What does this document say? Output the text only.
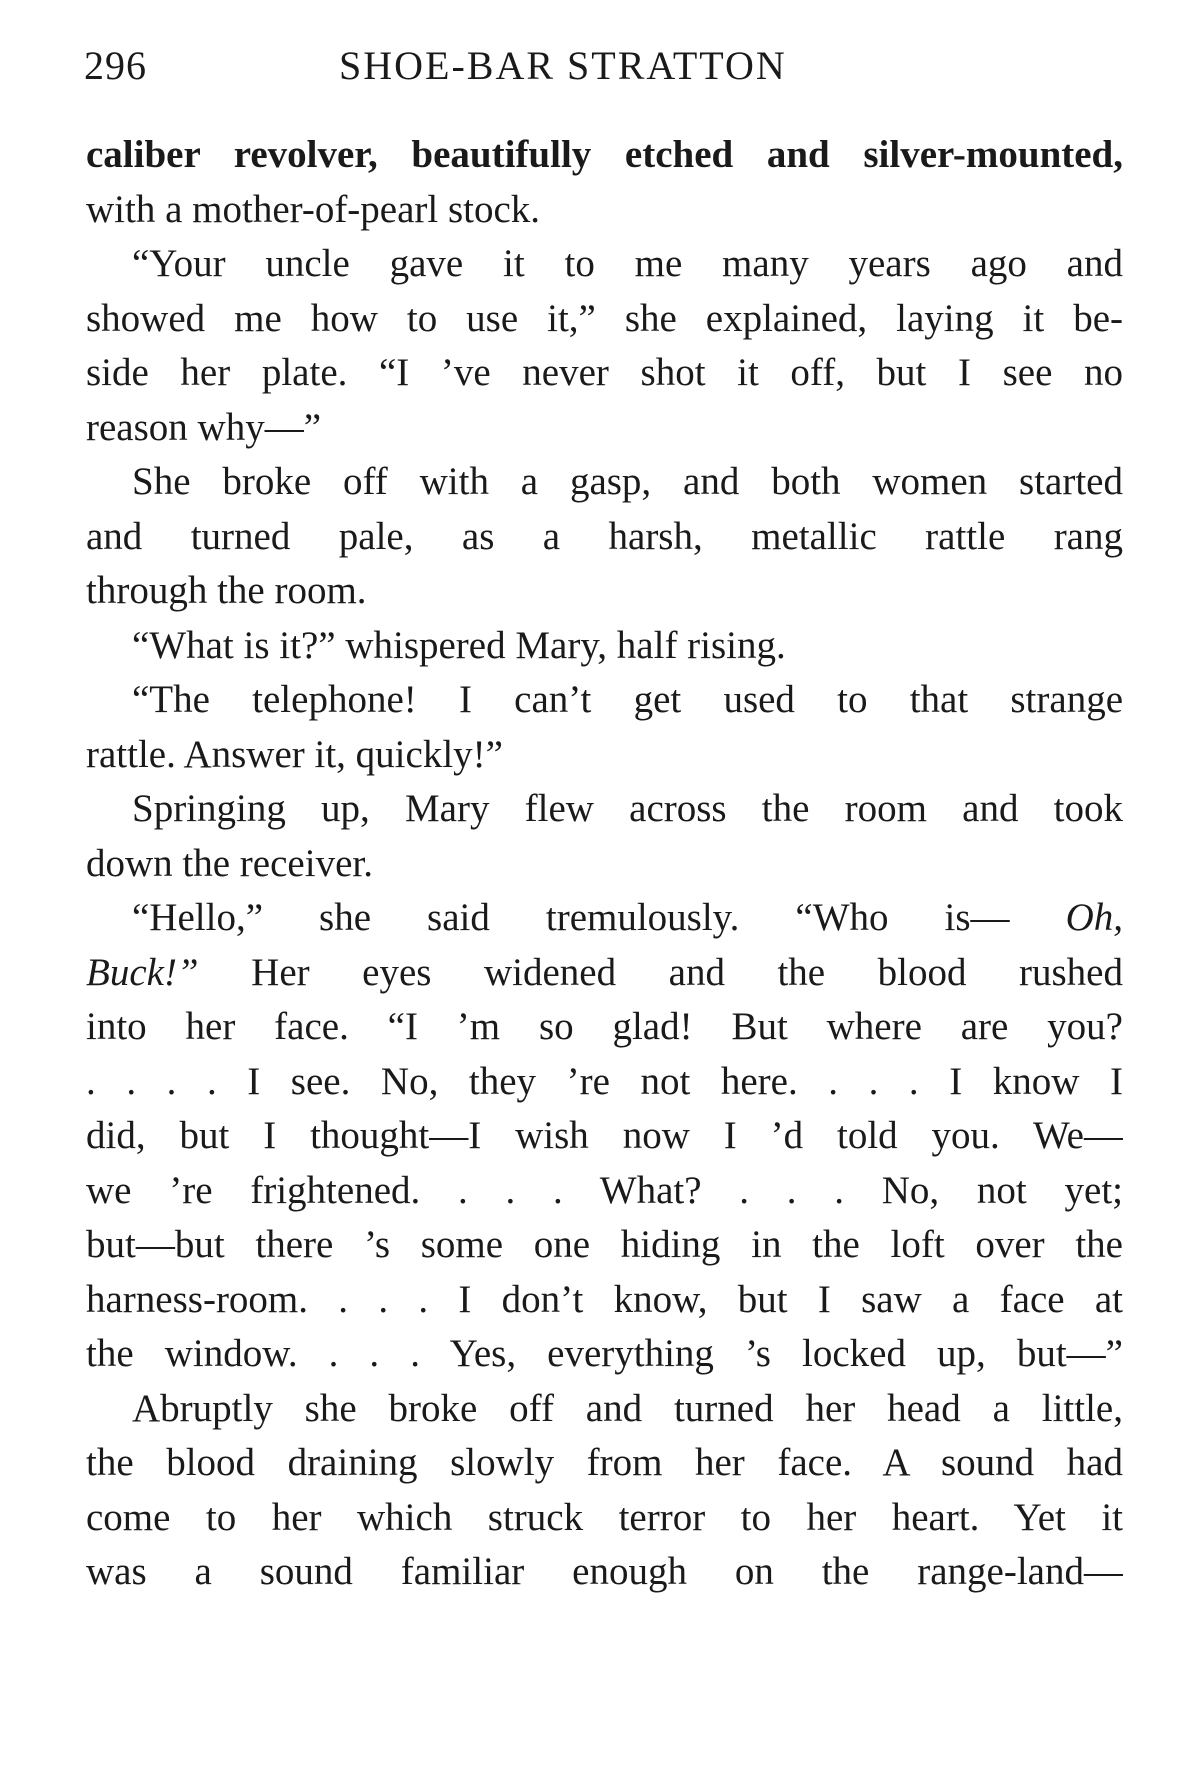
296	SHOE-BAR STRATTON
caliber revolver, beautifully etched and silver-mounted,
with a mother-of-pearl stock.
“Your uncle gave it to me many years ago and
showed me how to use it,” she explained, laying it be-
side her plate. “I ’ve never shot it off, but I see no
reason why—”
She broke off with a gasp, and both women started
and turned pale, as a harsh, metallic rattle rang
through the room.
“What is it?” whispered Mary, half rising.
“The telephone! I can’t get used to that strange
rattle. Answer it, quickly!”
Springing up, Mary flew across the room and took
down the receiver.
“Hello,” she said tremulously. “Who is— Oh,
Buck!” Her eyes widened and the blood rushed
into her face. “I ’m so glad! But where are you?
. . . . I see. No, they ’re not here. . . . I know I
did, but I thought—I wish now I ’d told you. We—
we ’re frightened. . . . What? . . . No, not yet;
but—but there ’s some one hiding in the loft over the
harness-room. . . . I don’t know, but I saw a face at
the window. . . . Yes, everything ’s locked up, but—”
Abruptly she broke off and turned her head a little,
the blood draining slowly from her face. A sound had
come to her which struck terror to her heart. Yet it
was a sound familiar enough on the range-land—
